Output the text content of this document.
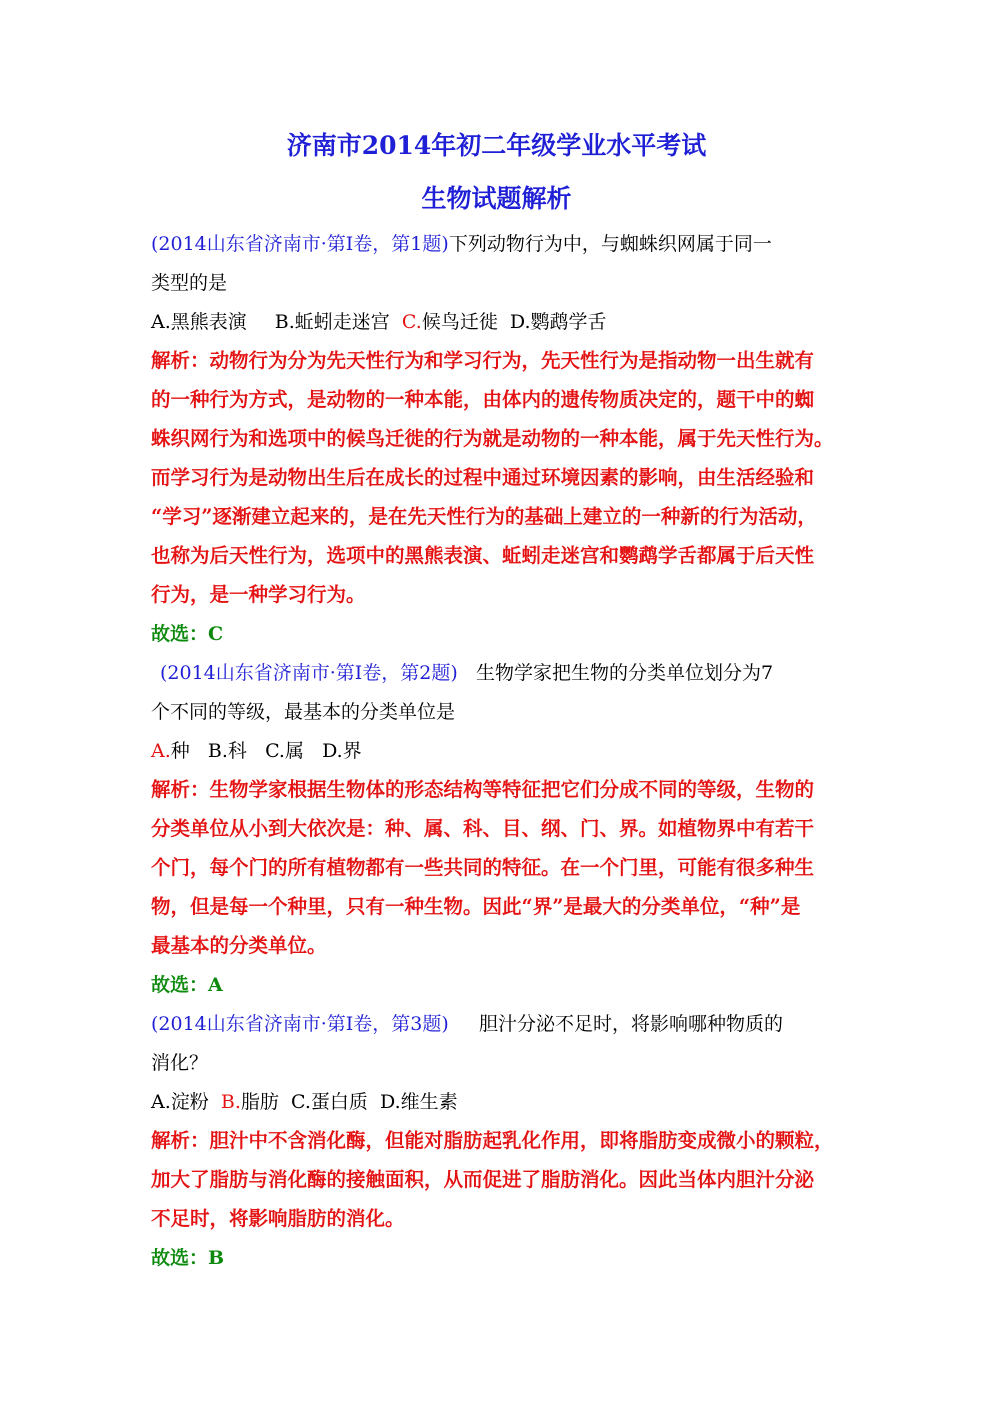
济南市2014年初二年级学业水平考试
生物试题解析
(2014山东省济南市·第Ⅰ卷，第1题)下列动物行为中，与蜘蛛织网属于同一
类型的是
A.黑熊表演 B.蚯蚓走迷宫 C.候鸟迁徙 D.鹦鹉学舌
解析：动物行为分为先天性行为和学习行为，先天性行为是指动物一出生就有
的一种行为方式，是动物的一种本能，由体内的遗传物质决定的，题干中的蜘
蛛织网行为和选项中的候鸟迁徙的行为就是动物的一种本能，属于先天性行为。
而学习行为是动物出生后在成长的过程中通过环境因素的影响，由生活经验和
“学习”逐渐建立起来的，是在先天性行为的基础上建立的一种新的行为活动，
也称为后天性行为，选项中的黑熊表演、蚯蚓走迷宫和鹦鹉学舌都属于后天性
行为，是一种学习行为。
故选：C
(2014山东省济南市·第Ⅰ卷，第2题) 生物学家把生物的分类单位划分为7
个不同的等级，最基本的分类单位是
A.种 B.科 C.属 D.界
解析：生物学家根据生物体的形态结构等特征把它们分成不同的等级，生物的
分类单位从小到大依次是：种、属、科、目、纲、门、界。如植物界中有若干
个门，每个门的所有植物都有一些共同的特征。在一个门里，可能有很多种生
物，但是每一个种里，只有一种生物。因此“界”是最大的分类单位，“种”是
最基本的分类单位。
故选：A
(2014山东省济南市·第Ⅰ卷，第3题) 胆汁分泌不足时，将影响哪种物质的
消化？
A.淀粉 B.脂肪 C.蛋白质 D.维生素
解析：胆汁中不含消化酶，但能对脂肪起乳化作用，即将脂肪变成微小的颗粒，
加大了脂肪与消化酶的接触面积，从而促进了脂肪消化。因此当体内胆汁分泌
不足时，将影响脂肪的消化。
故选：B
